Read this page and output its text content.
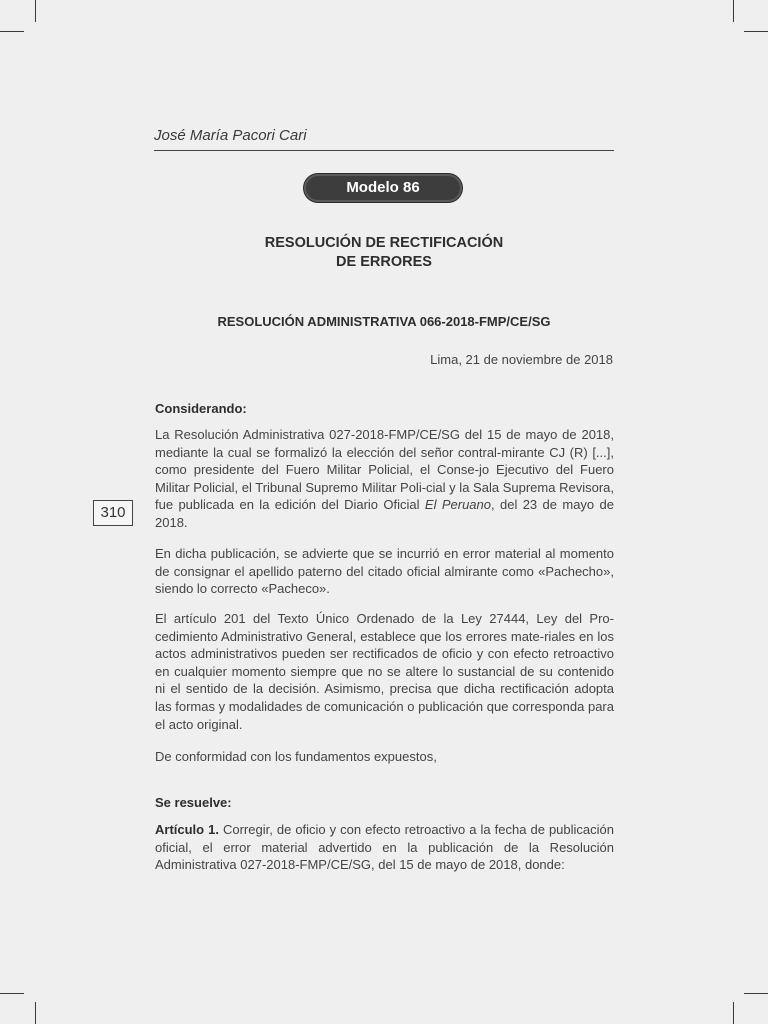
José María Pacori Cari
Modelo 86
RESOLUCIÓN DE RECTIFICACIÓN
DE ERRORES
RESOLUCIÓN ADMINISTRATIVA 066-2018-FMP/CE/SG
Lima, 21 de noviembre de 2018
Considerando:

La Resolución Administrativa 027-2018-FMP/CE/SG del 15 de mayo de 2018, mediante la cual se formalizó la elección del señor contral-mirante CJ (R) [...], como presidente del Fuero Militar Policial, el Conse-jo Ejecutivo del Fuero Militar Policial, el Tribunal Supremo Militar Poli-cial y la Sala Suprema Revisora, fue publicada en la edición del Diario Oficial El Peruano, del 23 de mayo de 2018.

310

En dicha publicación, se advierte que se incurrió en error material al momento de consignar el apellido paterno del citado oficial almirante como «Pachecho», siendo lo correcto «Pacheco».

El artículo 201 del Texto Único Ordenado de la Ley 27444, Ley del Pro-cedimiento Administrativo General, establece que los errores mate-riales en los actos administrativos pueden ser rectificados de oficio y con efecto retroactivo en cualquier momento siempre que no se altere lo sustancial de su contenido ni el sentido de la decisión. Asimismo, precisa que dicha rectificación adopta las formas y modalidades de comunicación o publicación que corresponda para el acto original.

De conformidad con los fundamentos expuestos,

Se resuelve:

Artículo 1. Corregir, de oficio y con efecto retroactivo a la fecha de publicación oficial, el error material advertido en la publicación de la Resolución Administrativa 027-2018-FMP/CE/SG, del 15 de mayo de 2018, donde:
